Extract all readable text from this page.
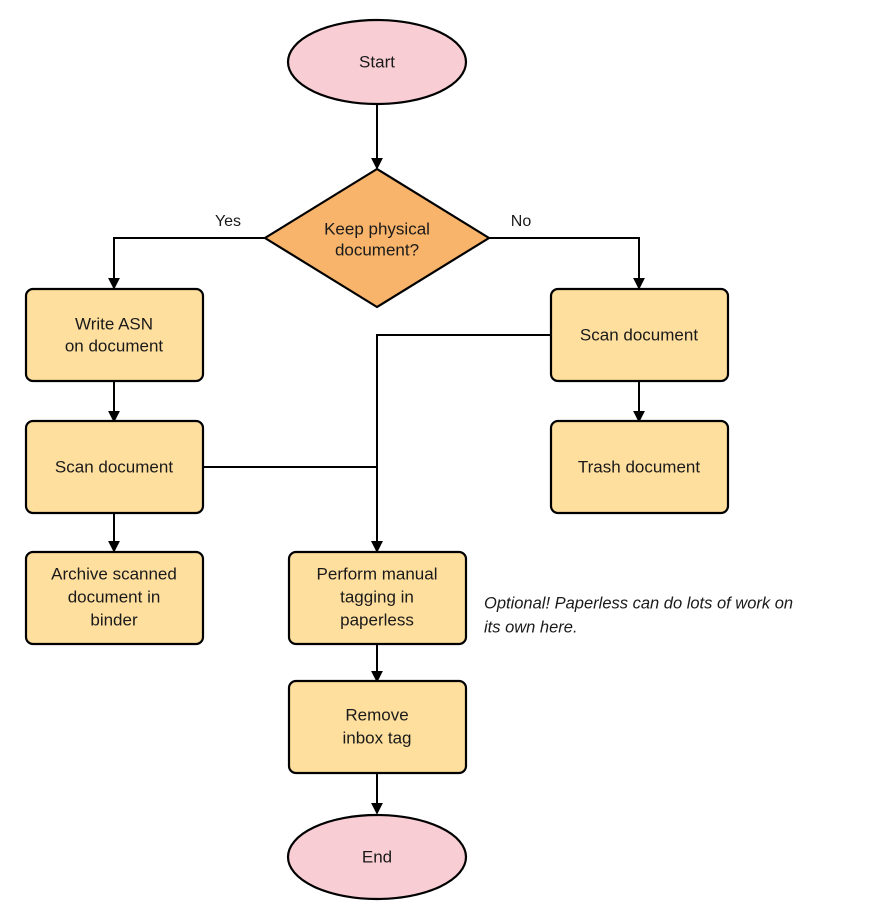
Yes	No
Start
Keep physical
document?
Write ASN
on document
Scan document
Archive scanned
document in
binder
Scan document
Trash document
Perform manual
tagging in
paperless
Remove
inbox tag
End
Optional! Paperless can do lots of work on
its own here.
